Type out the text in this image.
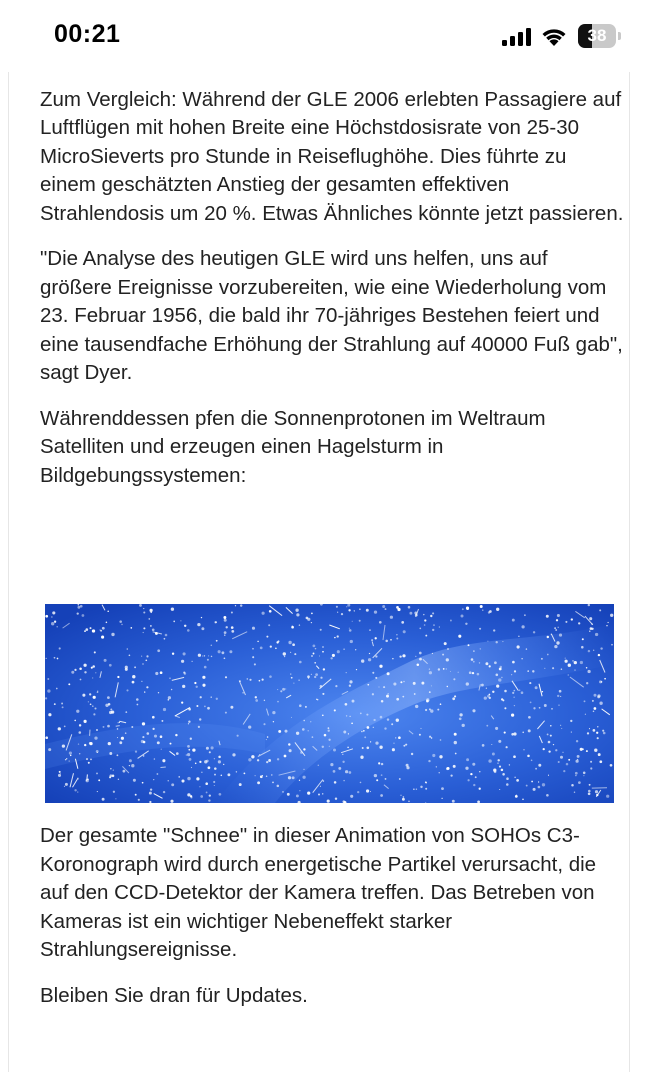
00:21	38

Zum Vergleich: Während der GLE 2006 erlebten Passagiere auf Luftflügen mit hohen Breite eine Höchstdosisrate von 25-30 MicroSieverts pro Stunde in Reiseflughöhe. Dies führte zu einem geschätzten Anstieg der gesamten effektiven Strahlendosis um 20 %. Etwas Ähnliches könnte jetzt passieren.

"Die Analyse des heutigen GLE wird uns helfen, uns auf größere Ereignisse vorzubereiten, wie eine Wiederholung vom 23. Februar 1956, die bald ihr 70-jähriges Bestehen feiert und eine tausendfache Erhöhung der Strahlung auf 40000 Fuß gab", sagt Dyer.

Währenddessen pfen die Sonnenprotonen im Weltraum Satelliten und erzeugen einen Hagelsturm in Bildgebungssystemen:

Der gesamte "Schnee" in dieser Animation von SOHOs C3-Koronograph wird durch energetische Partikel verursacht, die auf den CCD-Detektor der Kamera treffen. Das Betreben von Kameras ist ein wichtiger Nebeneffekt starker Strahlungsereignisse.

Bleiben Sie dran für Updates.
